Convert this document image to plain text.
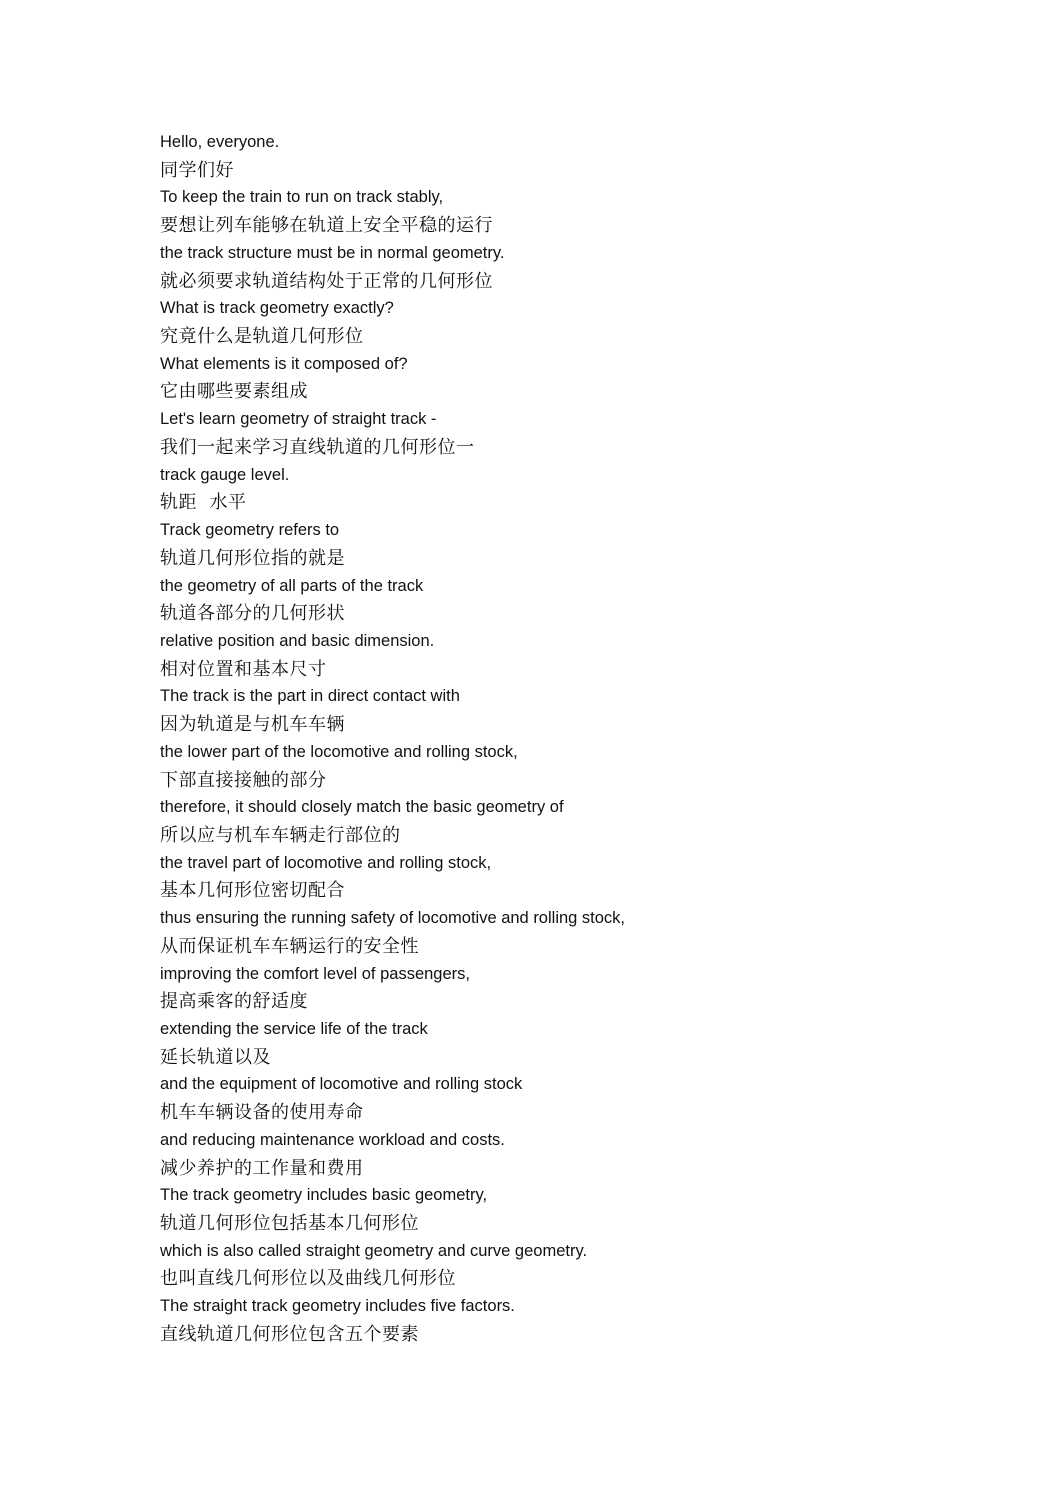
Hello, everyone.
同学们好
To keep the train to run on track stably,
要想让列车能够在轨道上安全平稳的运行
the track structure must be in normal geometry.
就必须要求轨道结构处于正常的几何形位
What is track geometry exactly?
究竟什么是轨道几何形位
What elements is it composed of?
它由哪些要素组成
Let's learn geometry of straight track -
我们一起来学习直线轨道的几何形位一
track gauge level.
轨距  水平
Track geometry refers to
轨道几何形位指的就是
the geometry of all parts of the track
轨道各部分的几何形状
relative position and basic dimension.
相对位置和基本尺寸
The track is the part in direct contact with
因为轨道是与机车车辆
the lower part of the locomotive and rolling stock,
下部直接接触的部分
therefore, it should closely match the basic geometry of
所以应与机车车辆走行部位的
the travel part of locomotive and rolling stock,
基本几何形位密切配合
thus ensuring the running safety of locomotive and rolling stock,
从而保证机车车辆运行的安全性
improving the comfort level of passengers,
提高乘客的舒适度
extending the service life of the track
延长轨道以及
and the equipment of locomotive and rolling stock
机车车辆设备的使用寿命
and reducing maintenance workload and costs.
减少养护的工作量和费用
The track geometry includes basic geometry,
轨道几何形位包括基本几何形位
which is also called straight geometry and curve geometry.
也叫直线几何形位以及曲线几何形位
The straight track geometry includes five factors.
直线轨道几何形位包含五个要素
